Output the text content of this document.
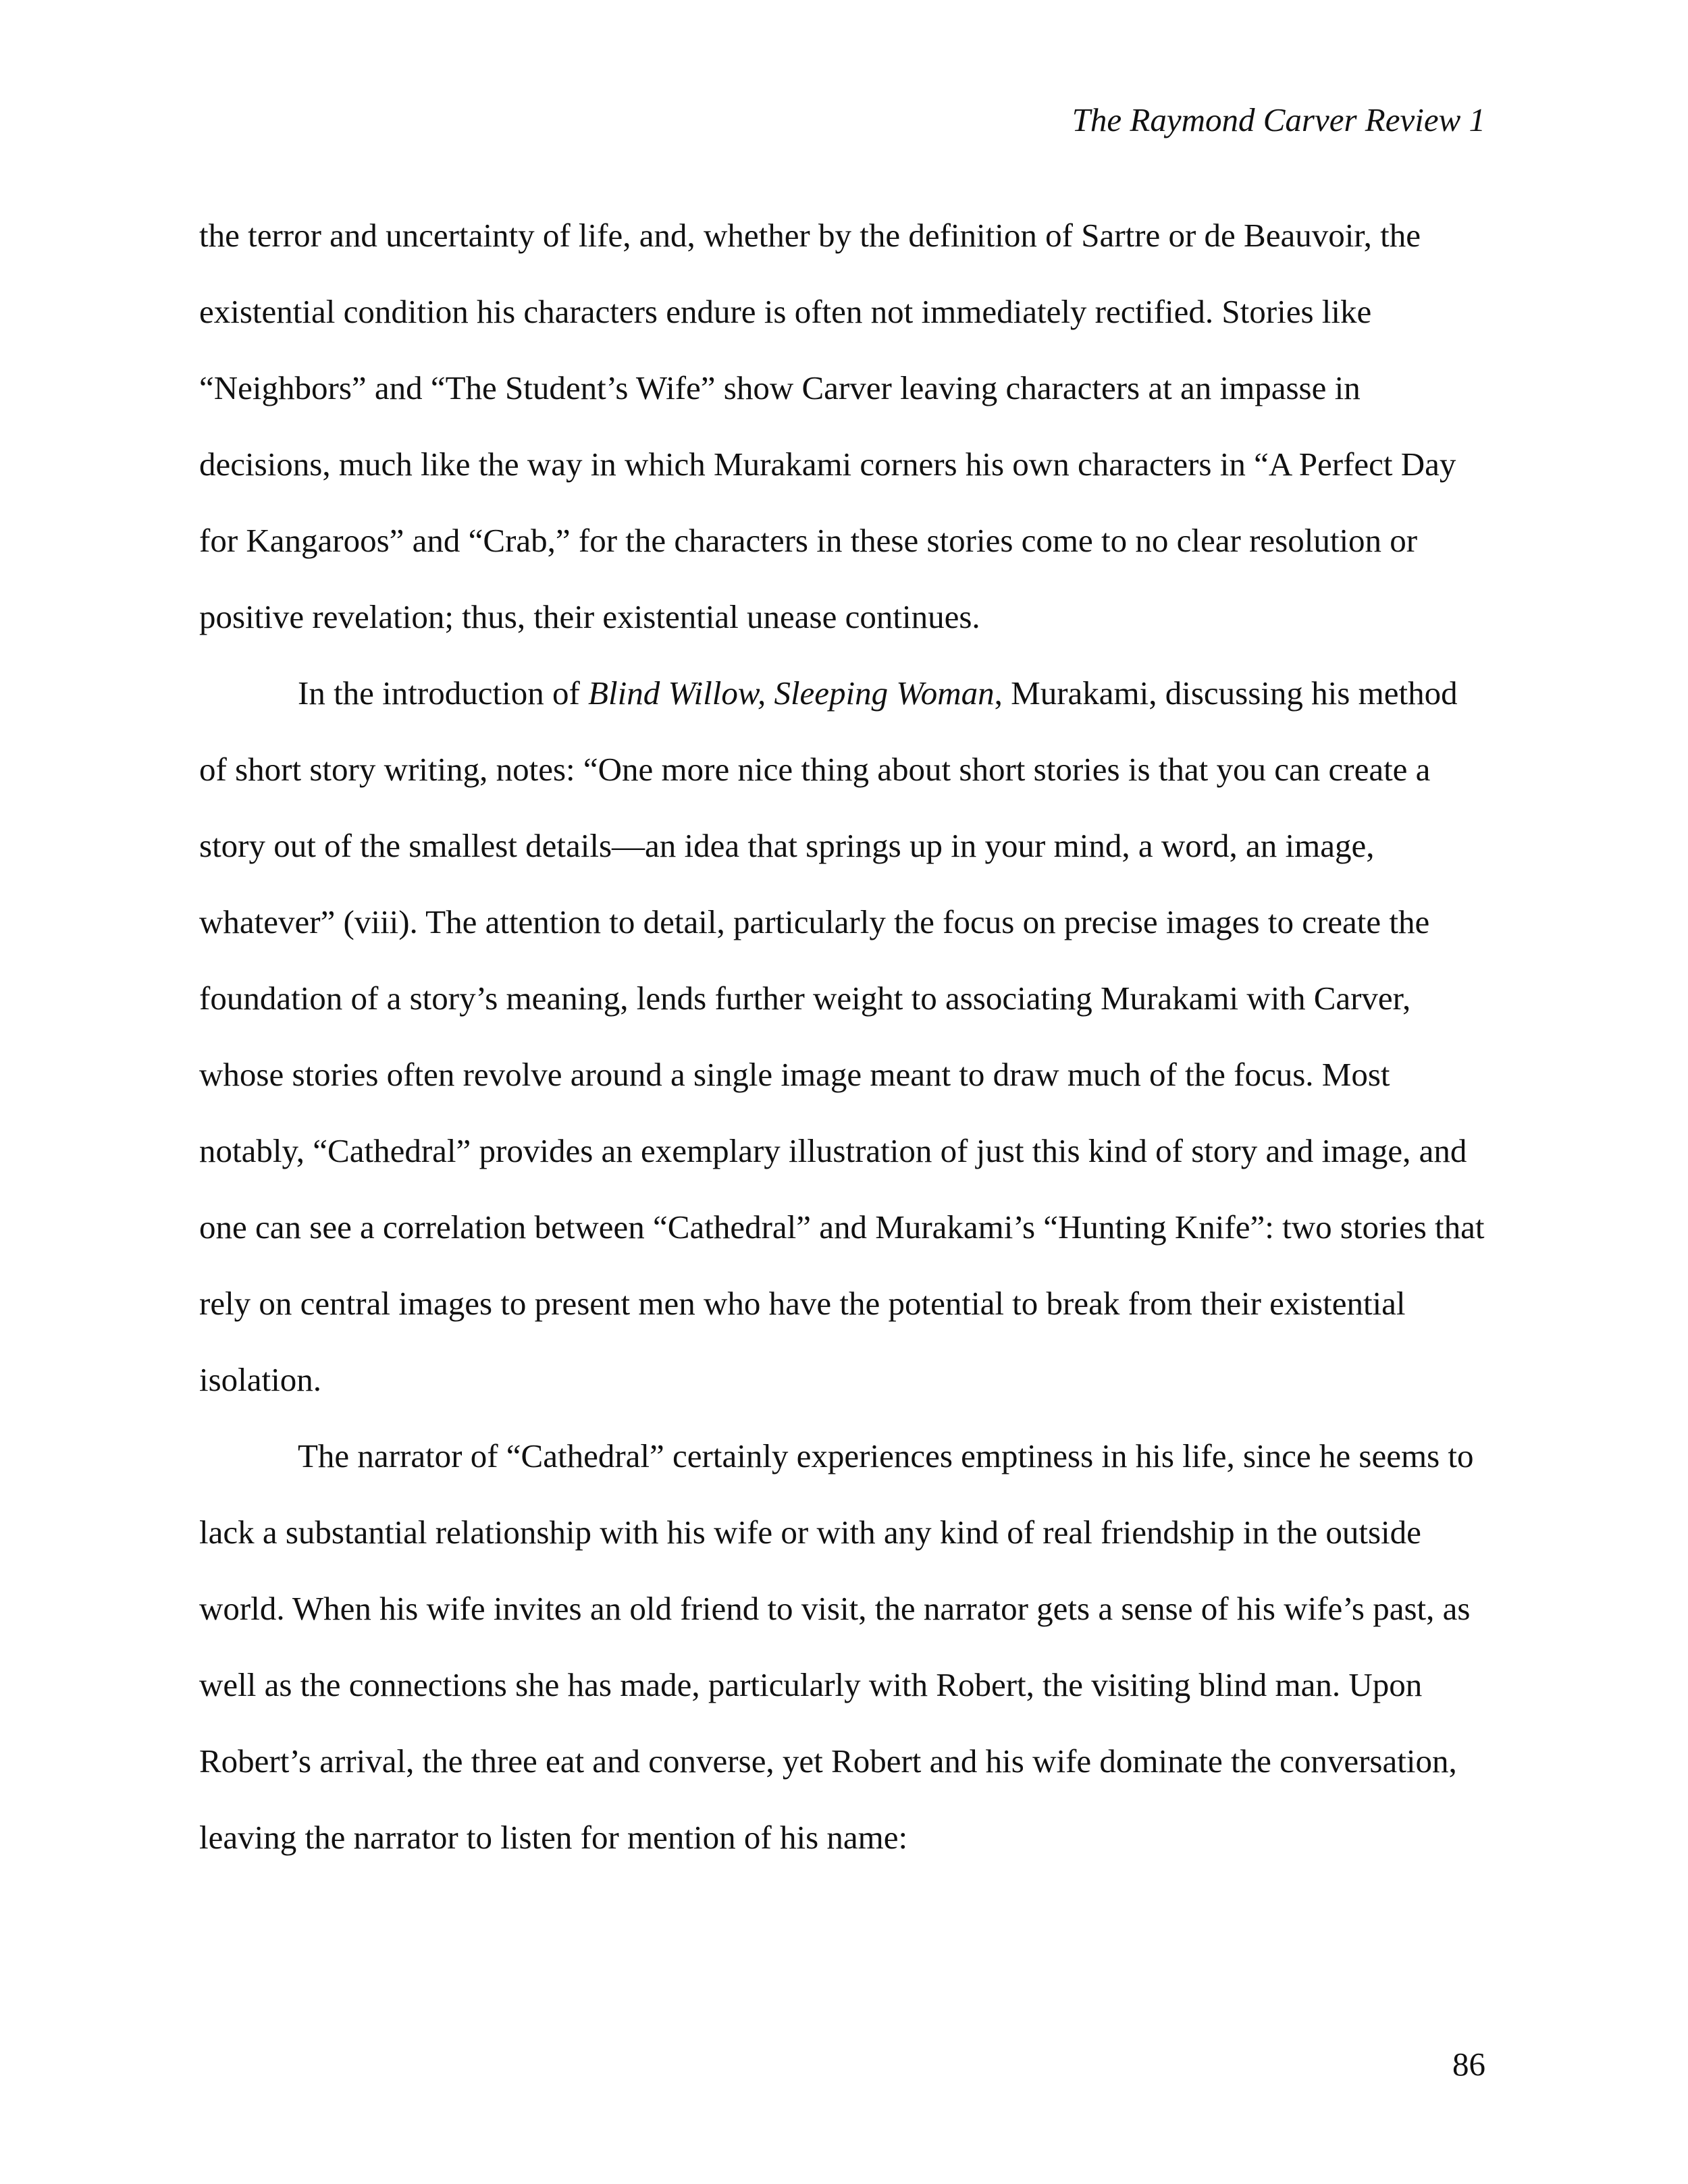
The Raymond Carver Review 1
the terror and uncertainty of life, and, whether by the definition of Sartre or de Beauvoir, the
existential condition his characters endure is often not immediately rectified. Stories like
“Neighbors” and “The Student’s Wife” show Carver leaving characters at an impasse in
decisions, much like the way in which Murakami corners his own characters in “A Perfect Day
for Kangaroos” and “Crab,” for the characters in these stories come to no clear resolution or
positive revelation; thus, their existential unease continues.
In the introduction of Blind Willow, Sleeping Woman, Murakami, discussing his method
of short story writing, notes: “One more nice thing about short stories is that you can create a
story out of the smallest details—an idea that springs up in your mind, a word, an image,
whatever” (viii). The attention to detail, particularly the focus on precise images to create the
foundation of a story’s meaning, lends further weight to associating Murakami with Carver,
whose stories often revolve around a single image meant to draw much of the focus. Most
notably, “Cathedral” provides an exemplary illustration of just this kind of story and image, and
one can see a correlation between “Cathedral” and Murakami’s “Hunting Knife”: two stories that
rely on central images to present men who have the potential to break from their existential
isolation.
The narrator of “Cathedral” certainly experiences emptiness in his life, since he seems to
lack a substantial relationship with his wife or with any kind of real friendship in the outside
world. When his wife invites an old friend to visit, the narrator gets a sense of his wife’s past, as
well as the connections she has made, particularly with Robert, the visiting blind man. Upon
Robert’s arrival, the three eat and converse, yet Robert and his wife dominate the conversation,
leaving the narrator to listen for mention of his name:
86
